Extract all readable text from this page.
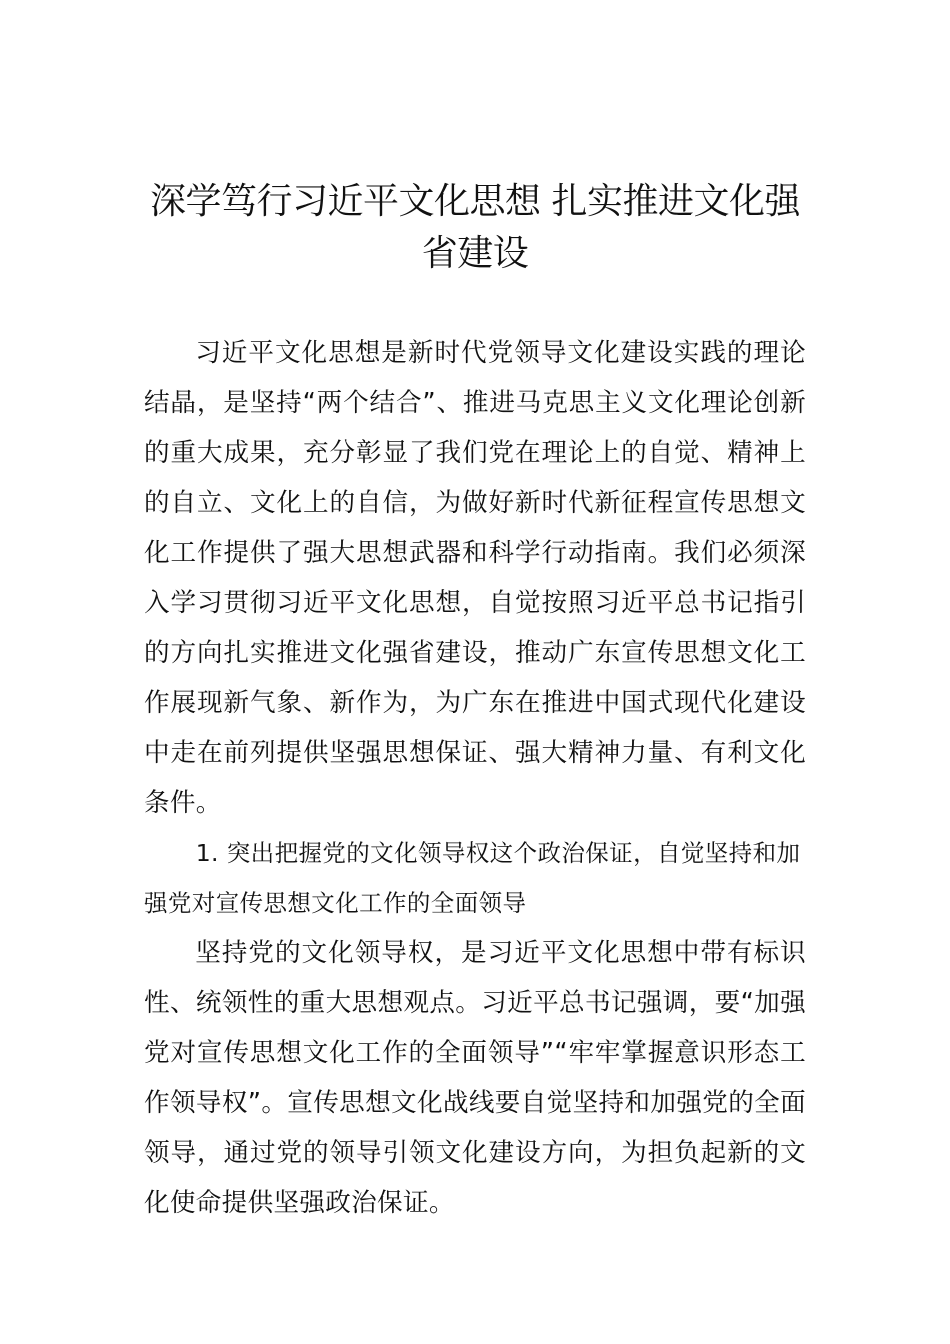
深学笃行习近平文化思想 扎实推进文化强省建设

习近平文化思想是新时代党领导文化建设实践的理论结晶，是坚持“两个结合”、推进马克思主义文化理论创新的重大成果，充分彰显了我们党在理论上的自觉、精神上的自立、文化上的自信，为做好新时代新征程宣传思想文化工作提供了强大思想武器和科学行动指南。我们必须深入学习贯彻习近平文化思想，自觉按照习近平总书记指引的方向扎实推进文化强省建设，推动广东宣传思想文化工作展现新气象、新作为，为广东在推进中国式现代化建设中走在前列提供坚强思想保证、强大精神力量、有利文化条件。

1. 突出把握党的文化领导权这个政治保证，自觉坚持和加强党对宣传思想文化工作的全面领导

坚持党的文化领导权，是习近平文化思想中带有标识性、统领性的重大思想观点。习近平总书记强调，要“加强党对宣传思想文化工作的全面领导”“牢牢掌握意识形态工作领导权”。宣传思想文化战线要自觉坚持和加强党的全面领导，通过党的领导引领文化建设方向，为担负起新的文化使命提供坚强政治保证。
